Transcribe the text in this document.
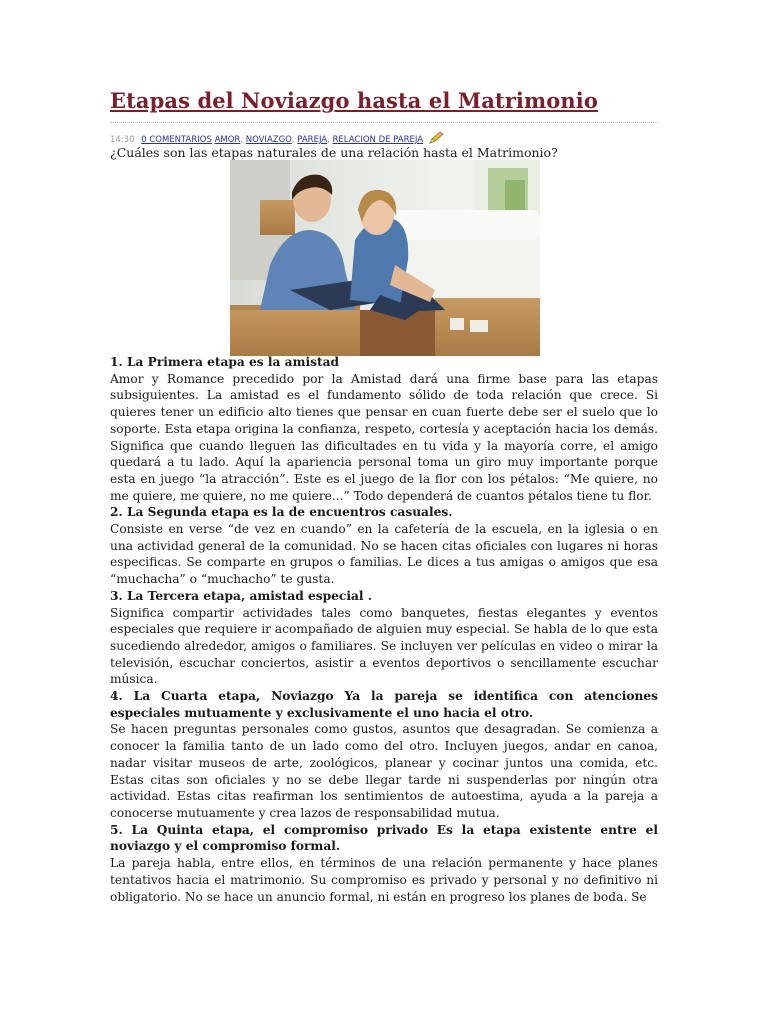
Etapas del Noviazgo hasta el Matrimonio
14:30 0 COMENTARIOS AMOR, NOVIAZGO, PAREJA, RELACION DE PAREJA
¿Cuáles son las etapas naturales de una relación hasta el Matrimonio?

1. La Primera etapa es la amistad

Amor y Romance precedido por la Amistad dará una firme base para las etapas subsiguientes. La amistad es el fundamento sólido de toda relación que crece. Si quieres tener un edificio alto tienes que pensar en cuan fuerte debe ser el suelo que lo soporte. Esta etapa origina la confianza, respeto, cortesía y aceptación hacia los demás. Significa que cuando lleguen las dificultades en tu vida y la mayoría corre, el amigo quedará a tu lado. Aquí la apariencia personal toma un giro muy importante porque esta en juego “la atracción”. Este es el juego de la flor con los pétalos: “Me quiere, no me quiere, me quiere, no me quiere...” Todo dependerá de cuantos pétalos tiene tu flor.

2. La Segunda etapa es la de encuentros casuales.

Consiste en verse “de vez en cuando” en la cafetería de la escuela, en la iglesia o en una actividad general de la comunidad. No se hacen citas oficiales con lugares ni horas especificas. Se comparte en grupos o familias. Le dices a tus amigas o amigos que esa “muchacha” o “muchacho” te gusta.

3. La Tercera etapa, amistad especial .

Significa compartir actividades tales como banquetes, fiestas elegantes y eventos especiales que requiere ir acompañado de alguien muy especial. Se habla de lo que esta sucediendo alrededor, amigos o familiares. Se incluyen ver películas en video o mirar la televisión, escuchar conciertos, asistir a eventos deportivos o sencillamente escuchar música.

4. La Cuarta etapa, Noviazgo Ya la pareja se identifica con atenciones especiales mutuamente y exclusivamente el uno hacia el otro.

Se hacen preguntas personales como gustos, asuntos que desagradan. Se comienza a conocer la familia tanto de un lado como del otro. Incluyen juegos, andar en canoa, nadar visitar museos de arte, zoológicos, planear y cocinar juntos una comida, etc. Estas citas son oficiales y no se debe llegar tarde ni suspenderlas por ningún otra actividad. Estas citas reafirman los sentimientos de autoestima, ayuda a la pareja a conocerse mutuamente y crea lazos de responsabilidad mutua.

5. La Quinta etapa, el compromiso privado Es la etapa existente entre el noviazgo y el compromiso formal.

La pareja habla, entre ellos, en términos de una relación permanente y hace planes tentativos hacia el matrimonio. Su compromiso es privado y personal y no definitivo ni obligatorio. No se hace un anuncio formal, ni están en progreso los planes de boda. Se
